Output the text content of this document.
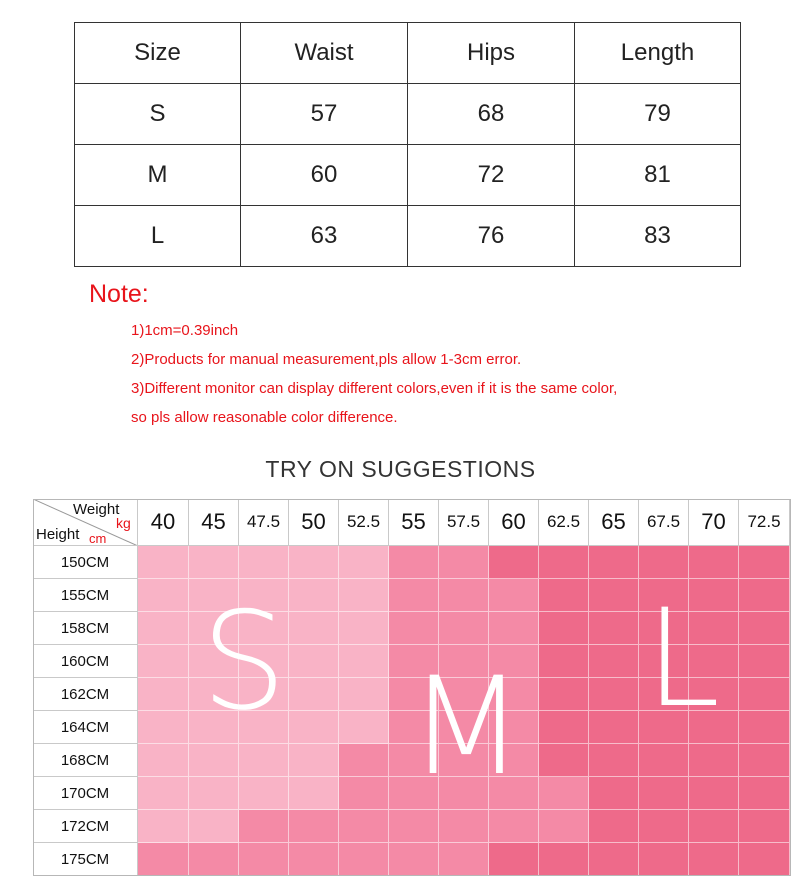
Size	Waist	Hips	Length
S	57	68	79
M	60	72	81
L	63	76	83
Note:
1)1cm=0.39inch
2)Products for manual measurement,pls allow 1-3cm error.
3)Different monitor can display different colors,even if it is the same color,
so pls allow reasonable color difference.
TRY ON SUGGESTIONS
Weight
kg
Height cm
40	45	47.5 50	52.5 55	57.5 60	62.5 65	67.5 70	72.5
150CM
155CM
158CM
160CM
162CM
164CM
168CM
170CM
172CM
175CM
S M L
